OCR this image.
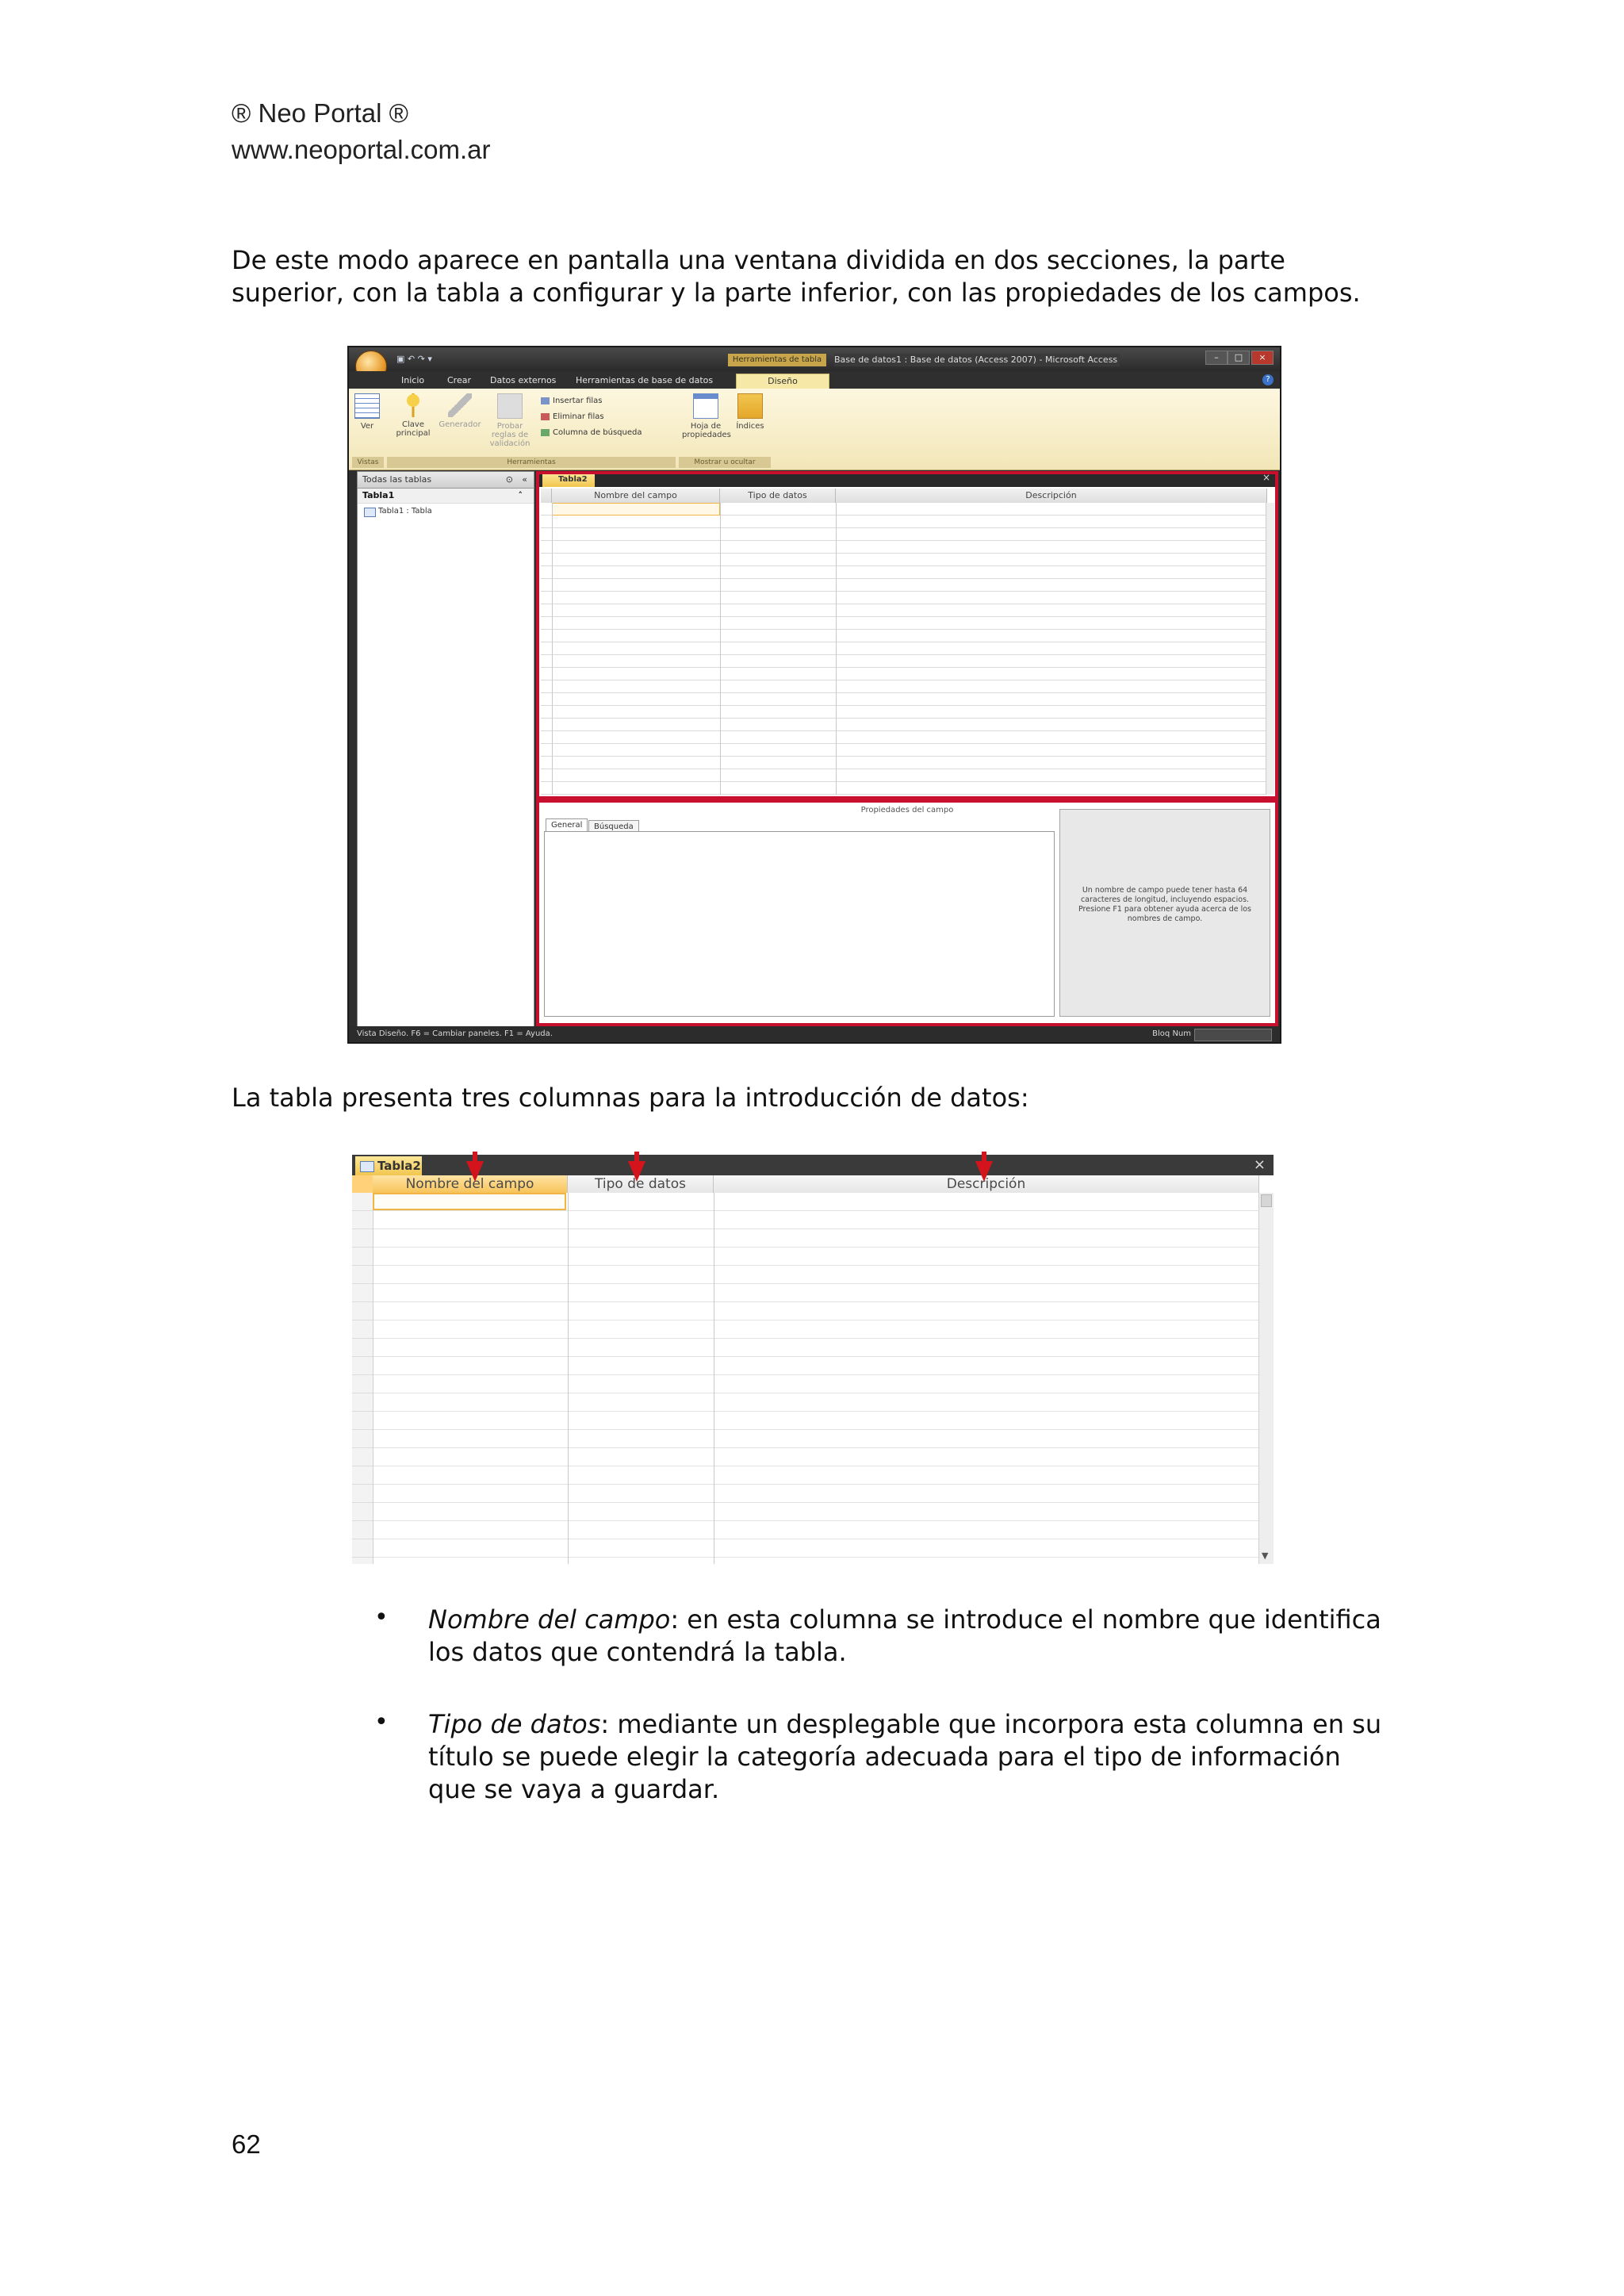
® Neo Portal ®
www.neoportal.com.ar
De este modo aparece en pantalla una ventana dividida en dos secciones, la parte superior, con la tabla a configurar y la parte inferior, con las propiedades de los campos.
▣ ↶ ↷ ▾	Herramientas de tabla	Base de datos1 : Base de datos (Access 2007) - Microsoft Access	–	□	×
Inicio	Crear	Datos externos	Herramientas de base de datos	Diseño	?
Ver	Clave principal
Generador	Probar reglas de validación
Insertar filas
Eliminar filas
Columna de búsqueda
Hoja de propiedades
Índices
Vistas	Herramientas	Mostrar u ocultar
Todas las tablas	⊙ «
Tabla1	˄
Tabla1 : Tabla
Tabla2	×
Nombre del campo	Tipo de datos	Descripción
Propiedades del campo
General	Búsqueda
Un nombre de campo puede tener hasta 64 caracteres de longitud, incluyendo espacios. Presione F1 para obtener ayuda acerca de los nombres de campo.
Vista Diseño. F6 = Cambiar paneles. F1 = Ayuda.	Bloq Num
La tabla presenta tres columnas para la introducción de datos:
Tabla2	×
Nombre del campo	Tipo de datos	Descripción
▼
• Nombre del campo: en esta columna se introduce el nombre que identifica los datos que contendrá la tabla.
• Tipo de datos: mediante un desplegable que incorpora esta columna en su título se puede elegir la categoría adecuada para el tipo de información que se vaya a guardar.
62
